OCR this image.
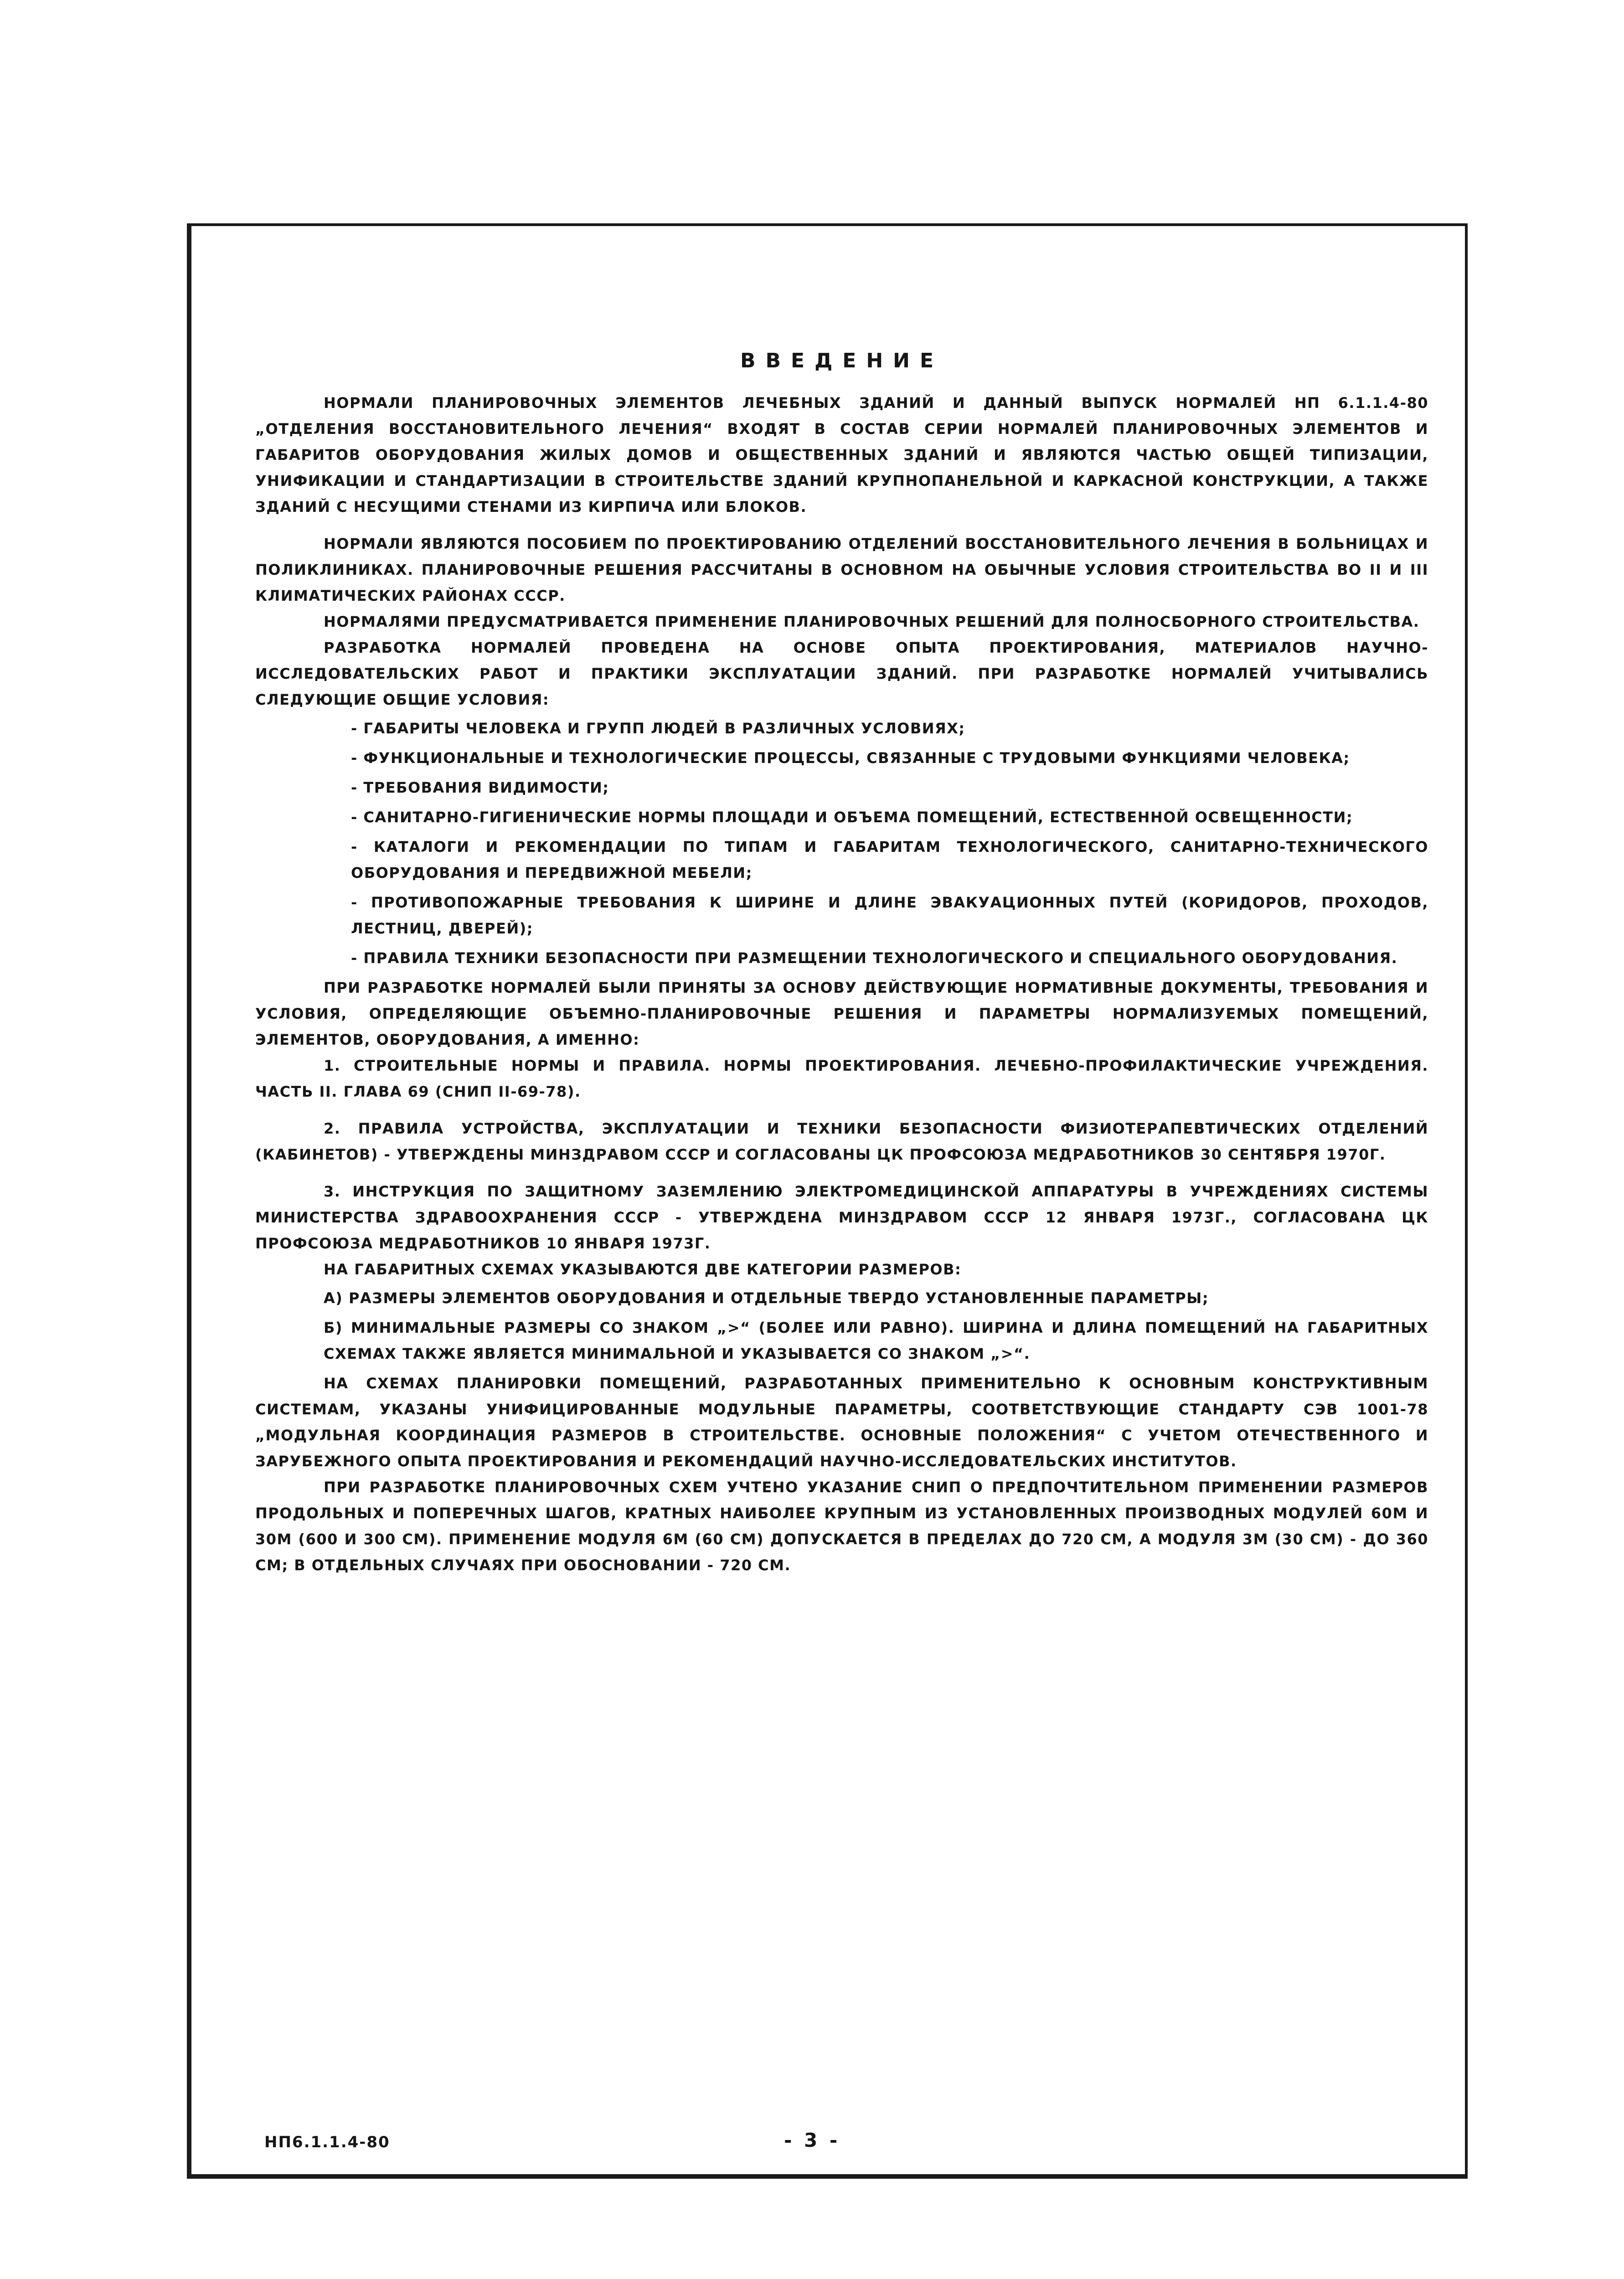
ВВЕДЕНИЕ

НОРМАЛИ ПЛАНИРОВОЧНЫХ ЭЛЕМЕНТОВ ЛЕЧЕБНЫХ ЗДАНИЙ И ДАННЫЙ ВЫПУСК НОРМАЛЕЙ НП 6.1.1.4-80 „ОТДЕЛЕНИЯ ВОССТАНОВИТЕЛЬНОГО ЛЕЧЕНИЯ“ ВХОДЯТ В СОСТАВ СЕРИИ НОРМАЛЕЙ ПЛАНИРОВОЧНЫХ ЭЛЕМЕНТОВ И ГАБАРИТОВ ОБОРУДОВАНИЯ ЖИЛЫХ ДОМОВ И ОБЩЕСТВЕННЫХ ЗДАНИЙ И ЯВЛЯЮТСЯ ЧАСТЬЮ ОБЩЕЙ ТИПИЗАЦИИ, УНИФИКАЦИИ И СТАНДАРТИЗАЦИИ В СТРОИТЕЛЬСТВЕ ЗДАНИЙ КРУПНОПАНЕЛЬНОЙ И КАРКАСНОЙ КОНСТРУКЦИИ, А ТАКЖЕ ЗДАНИЙ С НЕСУЩИМИ СТЕНАМИ ИЗ КИРПИЧА ИЛИ БЛОКОВ.

НОРМАЛИ ЯВЛЯЮТСЯ ПОСОБИЕМ ПО ПРОЕКТИРОВАНИЮ ОТДЕЛЕНИЙ ВОССТАНОВИТЕЛЬНОГО ЛЕЧЕНИЯ В БОЛЬНИЦАХ И ПОЛИКЛИНИКАХ. ПЛАНИРОВОЧНЫЕ РЕШЕНИЯ РАССЧИТАНЫ В ОСНОВНОМ НА ОБЫЧНЫЕ УСЛОВИЯ СТРОИТЕЛЬСТВА ВО II И III КЛИМАТИЧЕСКИХ РАЙОНАХ СССР.

НОРМАЛЯМИ ПРЕДУСМАТРИВАЕТСЯ ПРИМЕНЕНИЕ ПЛАНИРОВОЧНЫХ РЕШЕНИЙ ДЛЯ ПОЛНОСБОРНОГО СТРОИТЕЛЬСТВА.

РАЗРАБОТКА НОРМАЛЕЙ ПРОВЕДЕНА НА ОСНОВЕ ОПЫТА ПРОЕКТИРОВАНИЯ, МАТЕРИАЛОВ НАУЧНО-ИССЛЕДОВАТЕЛЬСКИХ РАБОТ И ПРАКТИКИ ЭКСПЛУАТАЦИИ ЗДАНИЙ. ПРИ РАЗРАБОТКЕ НОРМАЛЕЙ УЧИТЫВАЛИСЬ СЛЕДУЮЩИЕ ОБЩИЕ УСЛОВИЯ:

- ГАБАРИТЫ ЧЕЛОВЕКА И ГРУПП ЛЮДЕЙ В РАЗЛИЧНЫХ УСЛОВИЯХ;
- ФУНКЦИОНАЛЬНЫЕ И ТЕХНОЛОГИЧЕСКИЕ ПРОЦЕССЫ, СВЯЗАННЫЕ С ТРУДОВЫМИ ФУНКЦИЯМИ ЧЕЛОВЕКА;
- ТРЕБОВАНИЯ ВИДИМОСТИ;
- САНИТАРНО-ГИГИЕНИЧЕСКИЕ НОРМЫ ПЛОЩАДИ И ОБЪЕМА ПОМЕЩЕНИЙ, ЕСТЕСТВЕННОЙ ОСВЕЩЕННОСТИ;
- КАТАЛОГИ И РЕКОМЕНДАЦИИ ПО ТИПАМ И ГАБАРИТАМ ТЕХНОЛОГИЧЕСКОГО, САНИТАРНО-ТЕХНИЧЕСКОГО ОБОРУДОВАНИЯ И ПЕРЕДВИЖНОЙ МЕБЕЛИ;
- ПРОТИВОПОЖАРНЫЕ ТРЕБОВАНИЯ К ШИРИНЕ И ДЛИНЕ ЭВАКУАЦИОННЫХ ПУТЕЙ (КОРИДОРОВ, ПРОХОДОВ, ЛЕСТНИЦ, ДВЕРЕЙ);
- ПРАВИЛА ТЕХНИКИ БЕЗОПАСНОСТИ ПРИ РАЗМЕЩЕНИИ ТЕХНОЛОГИЧЕСКОГО И СПЕЦИАЛЬНОГО ОБОРУДОВАНИЯ.

ПРИ РАЗРАБОТКЕ НОРМАЛЕЙ БЫЛИ ПРИНЯТЫ ЗА ОСНОВУ ДЕЙСТВУЮЩИЕ НОРМАТИВНЫЕ ДОКУМЕНТЫ, ТРЕБОВАНИЯ И УСЛОВИЯ, ОПРЕДЕЛЯЮЩИЕ ОБЪЕМНО-ПЛАНИРОВОЧНЫЕ РЕШЕНИЯ И ПАРАМЕТРЫ НОРМАЛИЗУЕМЫХ ПОМЕЩЕНИЙ, ЭЛЕМЕНТОВ, ОБОРУДОВАНИЯ, А ИМЕННО:

1. СТРОИТЕЛЬНЫЕ НОРМЫ И ПРАВИЛА. НОРМЫ ПРОЕКТИРОВАНИЯ. ЛЕЧЕБНО-ПРОФИЛАКТИЧЕСКИЕ УЧРЕЖДЕНИЯ. ЧАСТЬ II. ГЛАВА 69 (СНИП II-69-78).

2. ПРАВИЛА УСТРОЙСТВА, ЭКСПЛУАТАЦИИ И ТЕХНИКИ БЕЗОПАСНОСТИ ФИЗИОТЕРАПЕВТИЧЕСКИХ ОТДЕЛЕНИЙ (КАБИНЕТОВ) - УТВЕРЖДЕНЫ МИНЗДРАВОМ СССР И СОГЛАСОВАНЫ ЦК ПРОФСОЮЗА МЕДРАБОТНИКОВ 30 СЕНТЯБРЯ 1970Г.

3. ИНСТРУКЦИЯ ПО ЗАЩИТНОМУ ЗАЗЕМЛЕНИЮ ЭЛЕКТРОМЕДИЦИНСКОЙ АППАРАТУРЫ В УЧРЕЖДЕНИЯХ СИСТЕМЫ МИНИСТЕРСТВА ЗДРАВООХРАНЕНИЯ СССР - УТВЕРЖДЕНА МИНЗДРАВОМ СССР 12 ЯНВАРЯ 1973Г., СОГЛАСОВАНА ЦК ПРОФСОЮЗА МЕДРАБОТНИКОВ 10 ЯНВАРЯ 1973Г.

НА ГАБАРИТНЫХ СХЕМАХ УКАЗЫВАЮТСЯ ДВЕ КАТЕГОРИИ РАЗМЕРОВ:

А) РАЗМЕРЫ ЭЛЕМЕНТОВ ОБОРУДОВАНИЯ И ОТДЕЛЬНЫЕ ТВЕРДО УСТАНОВЛЕННЫЕ ПАРАМЕТРЫ;
Б) МИНИМАЛЬНЫЕ РАЗМЕРЫ СО ЗНАКОМ „>“ (БОЛЕЕ ИЛИ РАВНО). ШИРИНА И ДЛИНА ПОМЕЩЕНИЙ НА ГАБАРИТНЫХ СХЕМАХ ТАКЖЕ ЯВЛЯЕТСЯ МИНИМАЛЬНОЙ И УКАЗЫВАЕТСЯ СО ЗНАКОМ „>“.

НА СХЕМАХ ПЛАНИРОВКИ ПОМЕЩЕНИЙ, РАЗРАБОТАННЫХ ПРИМЕНИТЕЛЬНО К ОСНОВНЫМ КОНСТРУКТИВНЫМ СИСТЕМАМ, УКАЗАНЫ УНИФИЦИРОВАННЫЕ МОДУЛЬНЫЕ ПАРАМЕТРЫ, СООТВЕТСТВУЮЩИЕ СТАНДАРТУ СЭВ 1001-78 „МОДУЛЬНАЯ КООРДИНАЦИЯ РАЗМЕРОВ В СТРОИТЕЛЬСТВЕ. ОСНОВНЫЕ ПОЛОЖЕНИЯ“ С УЧЕТОМ ОТЕЧЕСТВЕННОГО И ЗАРУБЕЖНОГО ОПЫТА ПРОЕКТИРОВАНИЯ И РЕКОМЕНДАЦИЙ НАУЧНО-ИССЛЕДОВАТЕЛЬСКИХ ИНСТИТУТОВ.

ПРИ РАЗРАБОТКЕ ПЛАНИРОВОЧНЫХ СХЕМ УЧТЕНО УКАЗАНИЕ СНИП О ПРЕДПОЧТИТЕЛЬНОМ ПРИМЕНЕНИИ РАЗМЕРОВ ПРОДОЛЬНЫХ И ПОПЕРЕЧНЫХ ШАГОВ, КРАТНЫХ НАИБОЛЕЕ КРУПНЫМ ИЗ УСТАНОВЛЕННЫХ ПРОИЗВОДНЫХ МОДУЛЕЙ 60М И 30М (600 И 300 СМ). ПРИМЕНЕНИЕ МОДУЛЯ 6М (60 СМ) ДОПУСКАЕТСЯ В ПРЕДЕЛАХ ДО 720 СМ, А МОДУЛЯ 3М (30 СМ) - ДО 360 СМ; В ОТДЕЛЬНЫХ СЛУЧАЯХ ПРИ ОБОСНОВАНИИ - 720 СМ.

НП6.1.1.4-80	- 3 -
